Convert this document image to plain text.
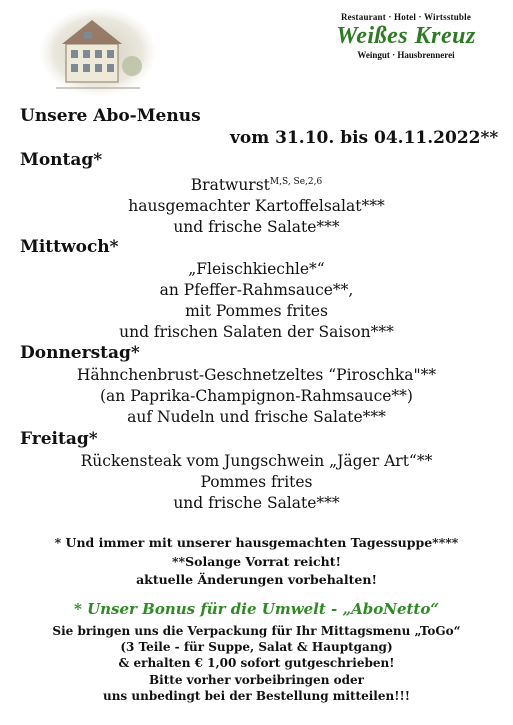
Restaurant · Hotel · Wirtsstuble
Weißes Kreuz
Weingut · Hausbrennerei
Unsere Abo-Menus
vom 31.10. bis 04.11.2022**
Montag*
Bratwurst$^{M,S, Se,2,6}$
hausgemachter Kartoffelsalat***
und frische Salate***
Mittwoch*
„Fleischkiechle*“
an Pfeffer-Rahmsauce**,
mit Pommes frites
und frischen Salaten der Saison***
Donnerstag*
Hähnchenbrust-Geschnetzeltes “Piroschka"**
(an Paprika-Champignon-Rahmsauce**)
auf Nudeln und frische Salate***
Freitag*
Rückensteak vom Jungschwein „Jäger Art“**
Pommes frites
und frische Salate***
* Und immer mit unserer hausgemachten Tagessuppe****
**Solange Vorrat reicht!
aktuelle Änderungen vorbehalten!
* Unser Bonus für die Umwelt - „AboNetto“
Sie bringen uns die Verpackung für Ihr Mittagsmenu „ToGo“
(3 Teile - für Suppe, Salat & Hauptgang)
& erhalten € 1,00 sofort gutgeschrieben!
Bitte vorher vorbeibringen oder
uns unbedingt bei der Bestellung mitteilen!!!
